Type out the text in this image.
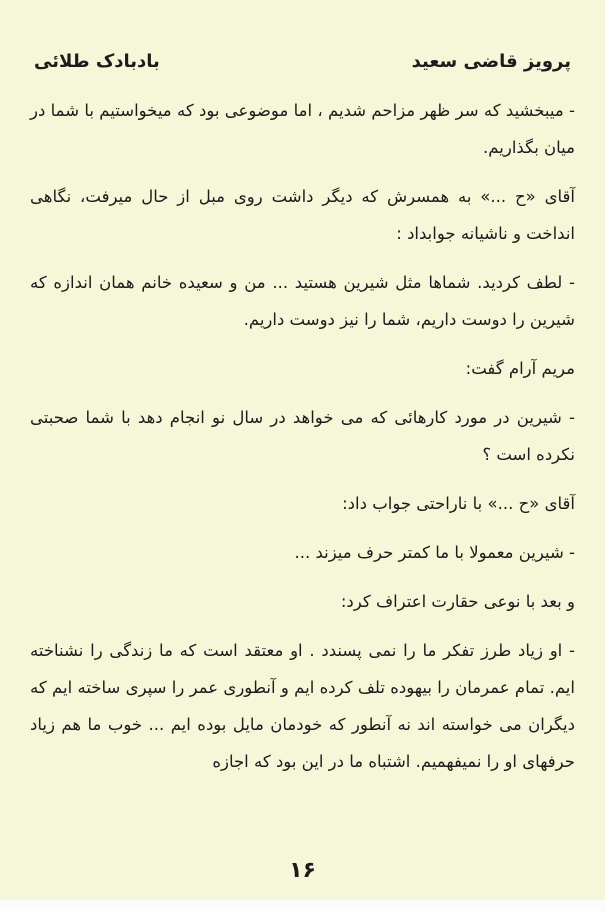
پرویز قاضی سعید
بادبادک طلائی

- میبخشید که سر ظهر مزاحم شدیم ، اما موضوعی بود که میخواستیم با شما در میان بگذاریم.

آقای «ح ...» به همسرش که دیگر داشت روی مبل از حال میرفت، نگاهی انداخت و ناشیانه جوابداد :

- لطف کردید. شماها مثل شیرین هستید ... من و سعیده خانم همان اندازه که شیرین را دوست داریم، شما را نیز دوست داریم.

مریم آرام گفت:

- شیرین در مورد کارهائی که می خواهد در سال نو انجام دهد با شما صحبتی نکرده است ؟

آقای «ح ...» با ناراحتی جواب داد:

- شیرین معمولا با ما کمتر حرف میزند ...

و بعد با نوعی حقارت اعتراف کرد:

- او زیاد طرز تفکر ما را نمی پسندد . او معتقد است که ما زندگی را نشناخته ایم. تمام عمرمان را بیهوده تلف کرده ایم و آنطوری عمر را سپری ساخته ایم که دیگران می خواسته اند نه آنطور که خودمان مایل بوده ایم ... خوب ما هم زیاد حرفهای او را نمیفهمیم. اشتباه ما در این بود که اجازه

۱۶
